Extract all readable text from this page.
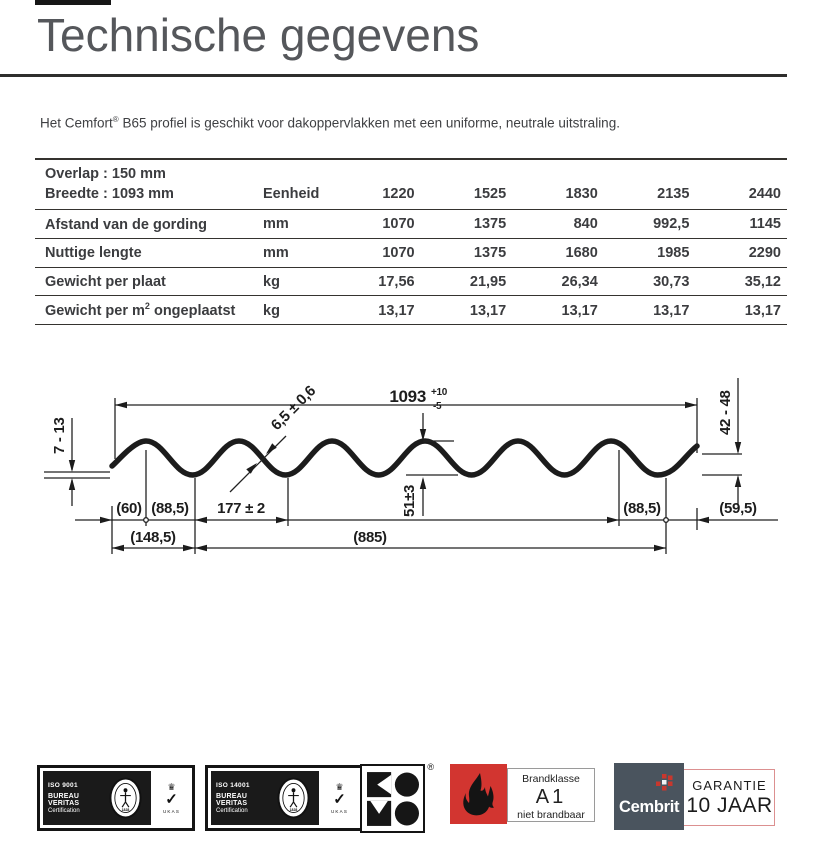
Technische gegevens

Het Cemfort® B65 profiel is geschikt voor dakoppervlakken met een uniforme, neutrale uitstraling.

Overlap : 150 mm
Breedte : 1093 mm	Eenheid	1220	1525	1830	2135	2440
Afstand van de gording	mm	1070	1375	840	992,5	1145
Nuttige lengte	mm	1070	1375	1680	1985	2290
Gewicht per plaat	kg	17,56	21,95	26,34	30,73	35,12
Gewicht per $m^2$ ongeplaatst	kg	13,17	13,17	13,17	13,17	13,17
1093 +10
-5
7 - 13
42 - 48
6,5 ± 0,6
51±3
(60) (88,5) 177 ± 2	(88,5)	(59,5)
(148,5)	(885)
ISO 9001
BUREAU VERITAS
Certification	1828
♛
✓
UKAS
ISO 14001
BUREAU VERITAS
Certification	1828
♛
✓
UKAS
®
Brandklasse
A1
niet brandbaar
GARANTIE
10 JAAR
Cembrit
